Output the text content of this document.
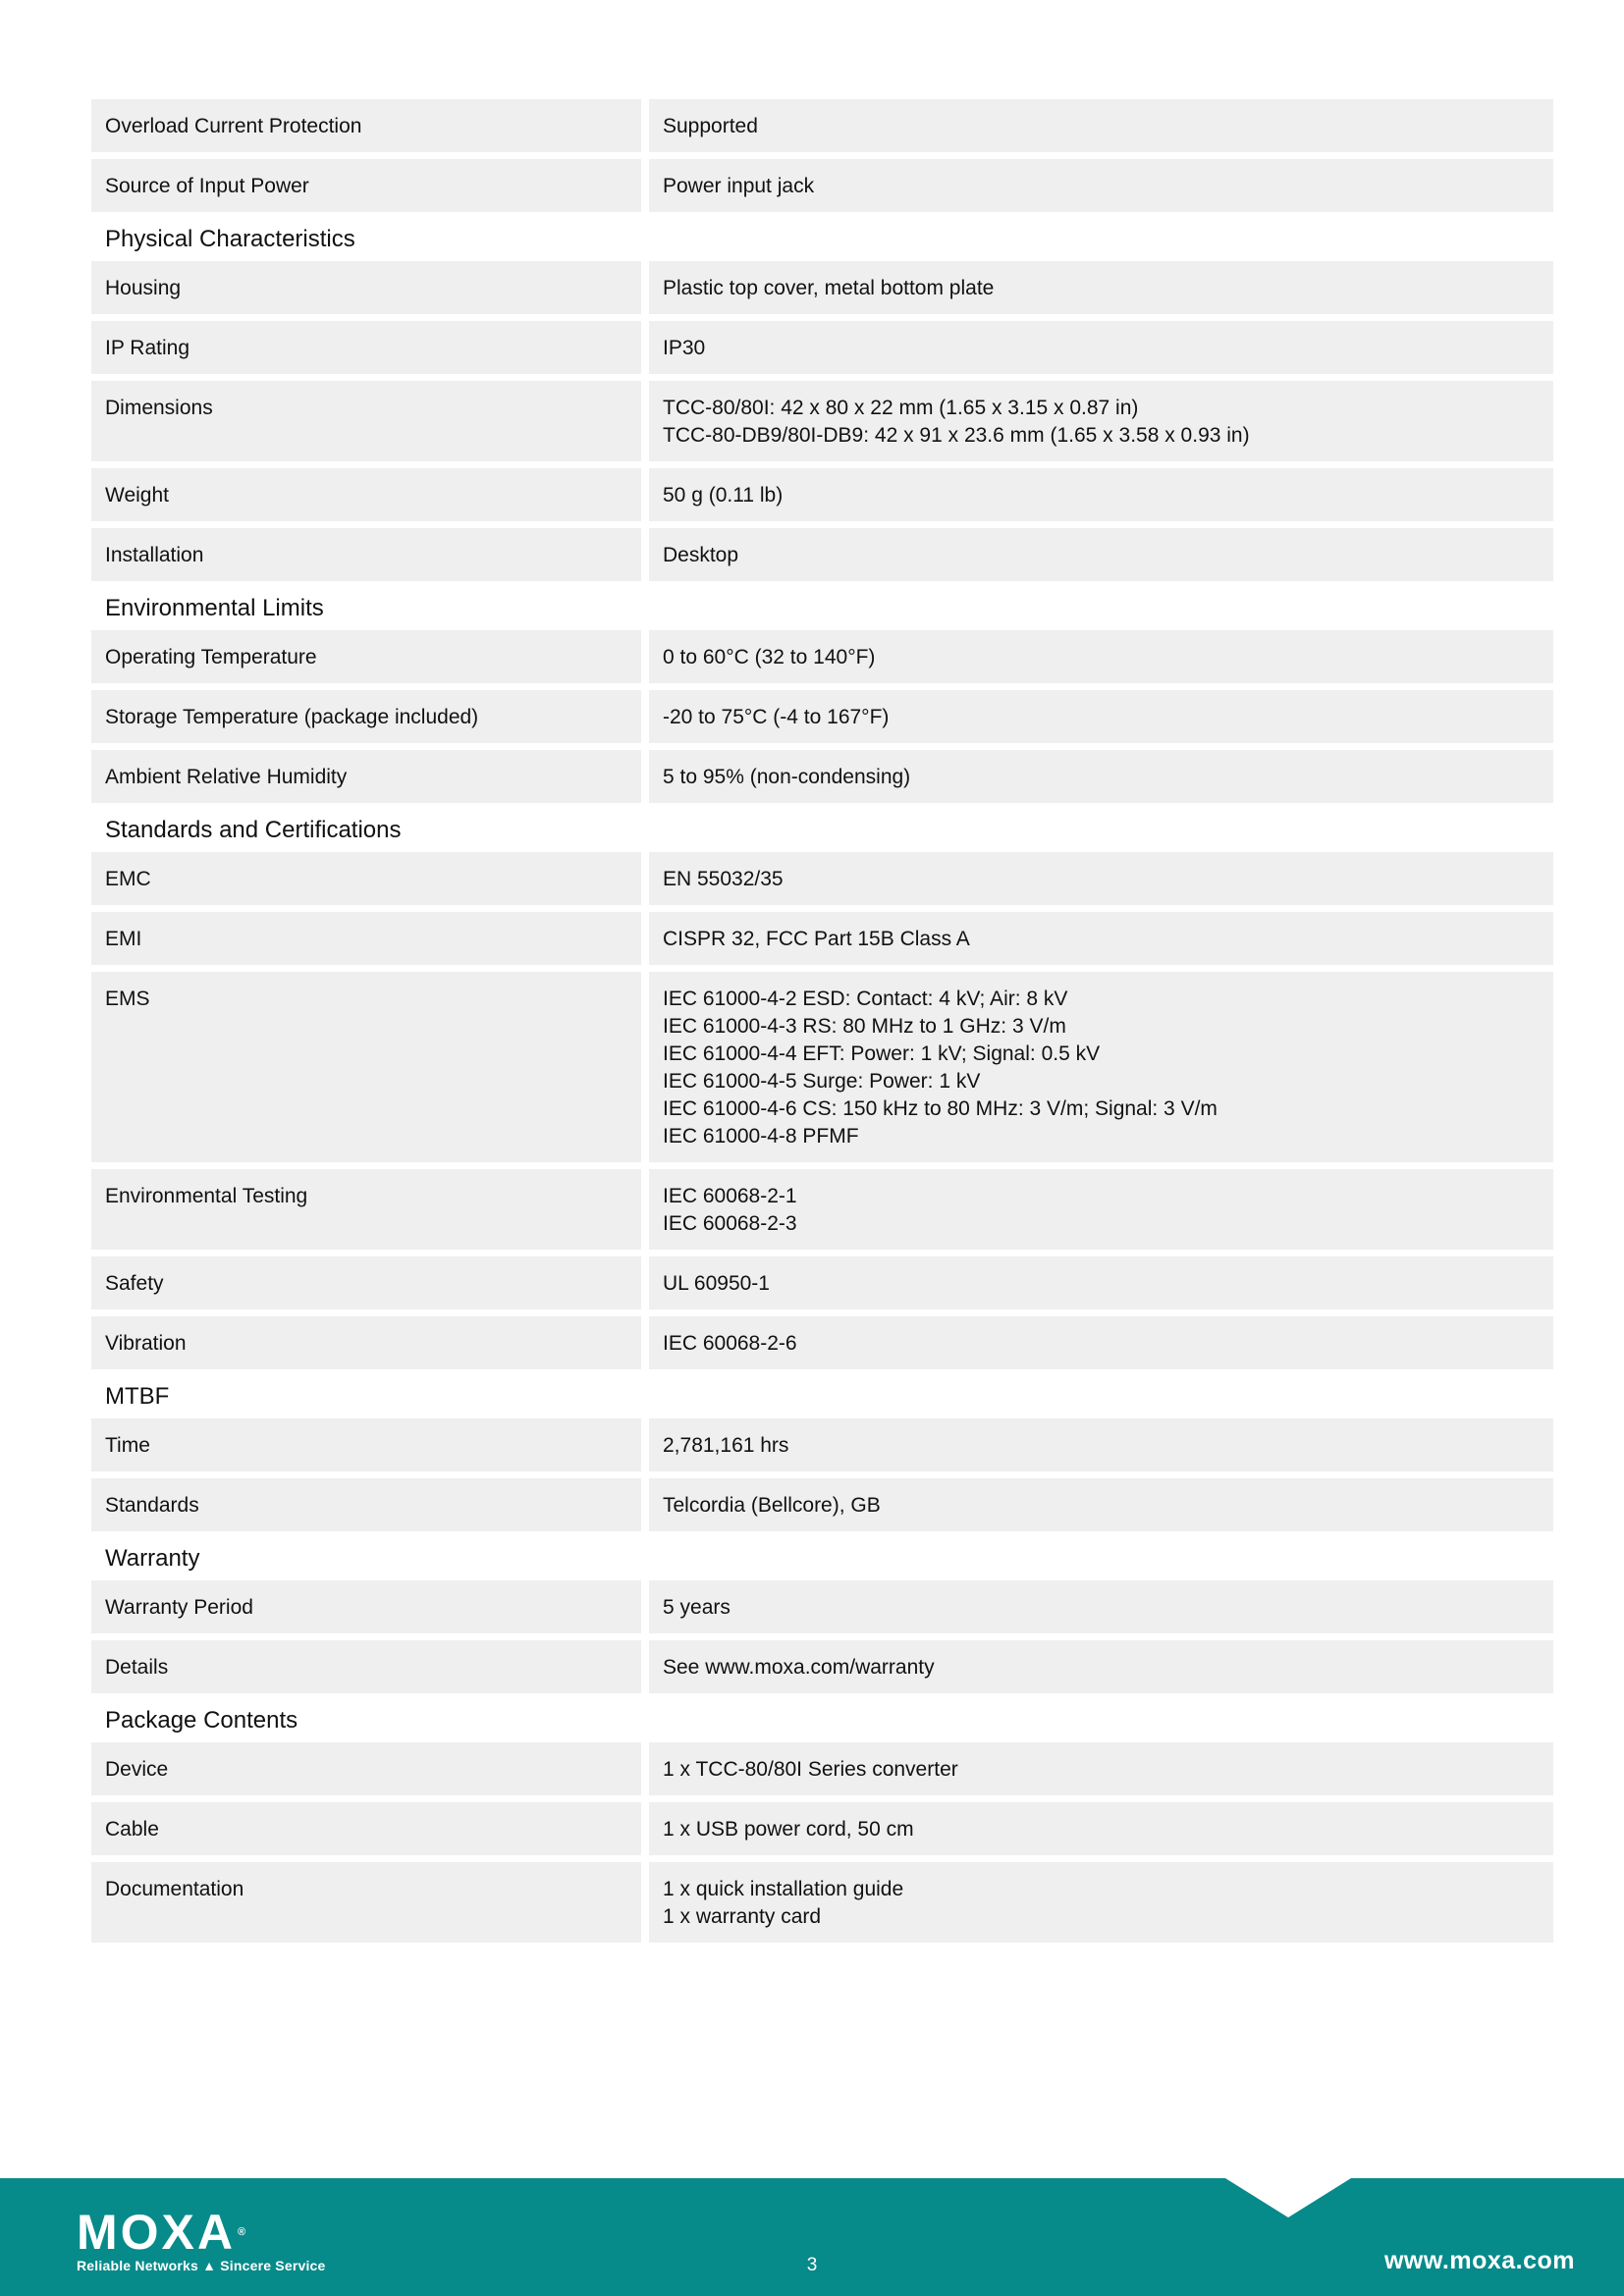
Overload Current Protection	Supported
Source of Input Power	Power input jack
Physical Characteristics
Housing	Plastic top cover, metal bottom plate
IP Rating	IP30
Dimensions	TCC-80/80I: 42 x 80 x 22 mm (1.65 x 3.15 x 0.87 in)
TCC-80-DB9/80I-DB9: 42 x 91 x 23.6 mm (1.65 x 3.58 x 0.93 in)
Weight	50 g (0.11 lb)
Installation	Desktop
Environmental Limits
Operating Temperature	0 to 60°C (32 to 140°F)
Storage Temperature (package included)	-20 to 75°C (-4 to 167°F)
Ambient Relative Humidity	5 to 95% (non-condensing)
Standards and Certifications
EMC	EN 55032/35
EMI	CISPR 32, FCC Part 15B Class A
EMS	IEC 61000-4-2 ESD: Contact: 4 kV; Air: 8 kV
IEC 61000-4-3 RS: 80 MHz to 1 GHz: 3 V/m
IEC 61000-4-4 EFT: Power: 1 kV; Signal: 0.5 kV
IEC 61000-4-5 Surge: Power: 1 kV
IEC 61000-4-6 CS: 150 kHz to 80 MHz: 3 V/m; Signal: 3 V/m
IEC 61000-4-8 PFMF
Environmental Testing	IEC 60068-2-1
IEC 60068-2-3
Safety	UL 60950-1
Vibration	IEC 60068-2-6
MTBF
Time	2,781,161 hrs
Standards	Telcordia (Bellcore), GB
Warranty
Warranty Period	5 years
Details	See www.moxa.com/warranty
Package Contents
Device	1 x TCC-80/80I Series converter
Cable	1 x USB power cord, 50 cm
Documentation	1 x quick installation guide
1 x warranty card
MOXA ®
Reliable Networks ▲ Sincere Service	3	www.moxa.com
